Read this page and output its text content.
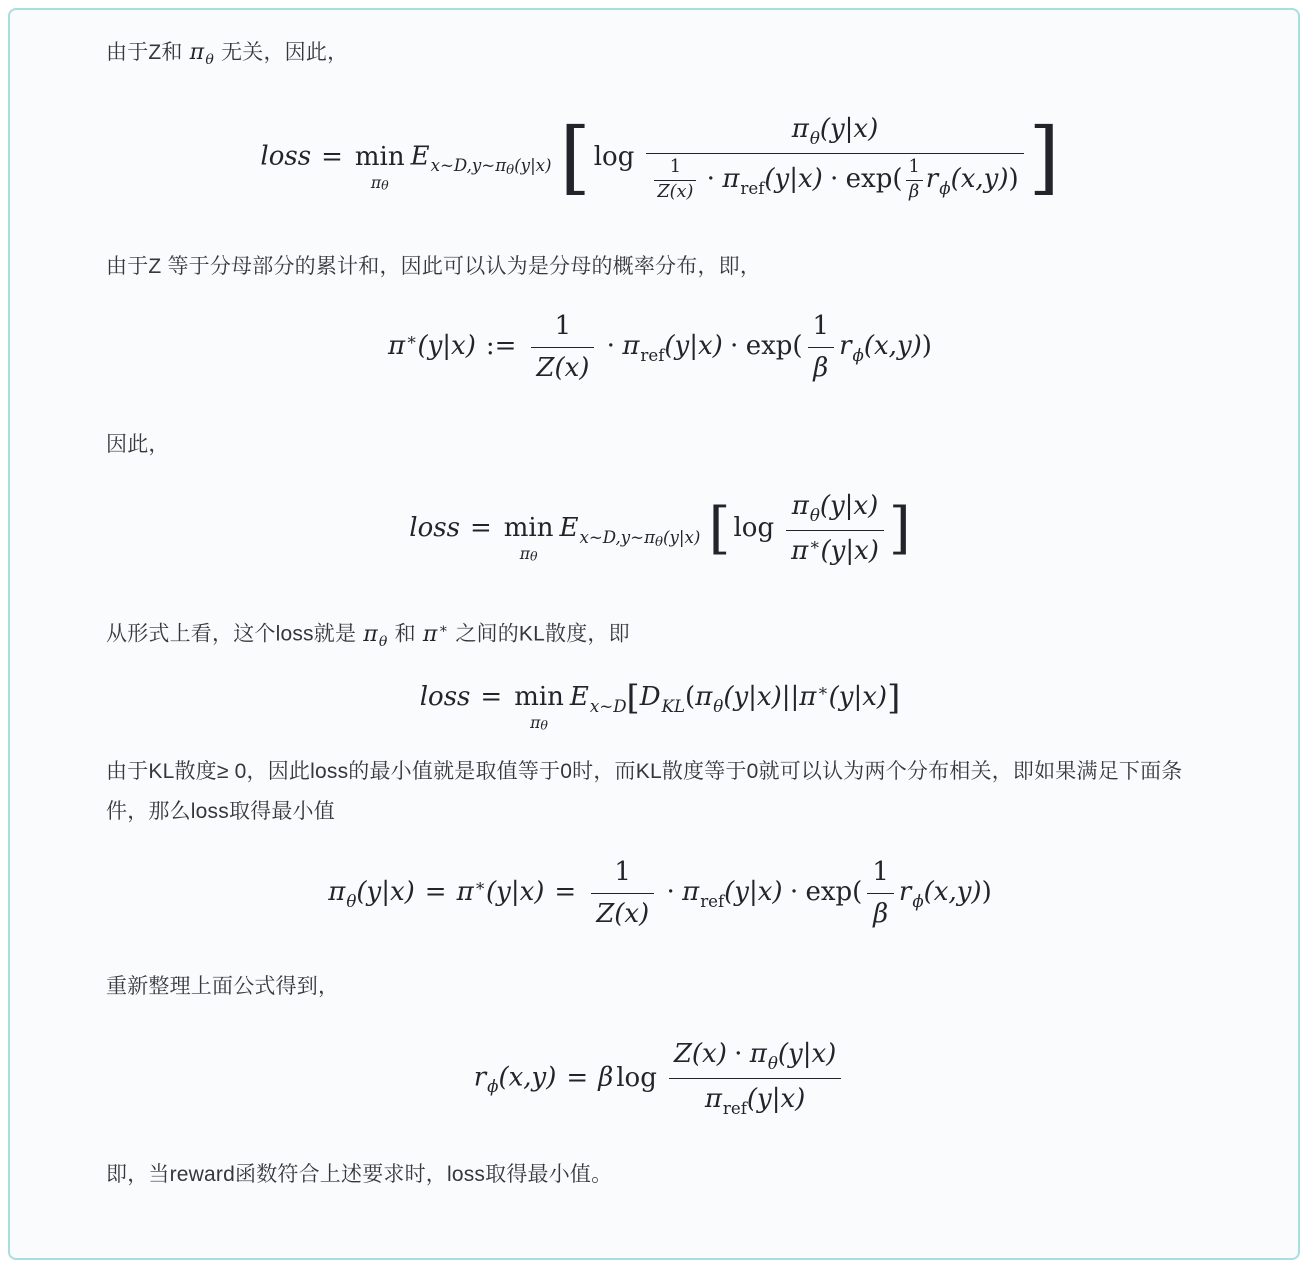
由于Z和 $\pi_\theta$ 无关，因此，

loss = min
πθ
$E_{x\sim D,y\sim\pi\theta(y|x)}$ [ $\log \frac{\pi_\theta(y|x)}{\frac{1}{Z(x)} \cdot \pi_{ref}(y|x) \cdot \exp( \frac{1}{\beta} r_\phi(x,y))}$ ]

由于Z 等于分母部分的累计和，因此可以认为是分母的概率分布，即，

π∗(y|x) := $\frac{1}{Z(x)} \cdot \pi_{ref}(y|x) \cdot \exp( \frac{1}{\beta} r_\phi(x,y))$

因此，

loss = min
πθ
$E_{x\sim D,y\sim\pi\theta(y|x)}$ [ $\log \frac{\pi_\theta(y|x)}{\pi^∗(y|x)}$ ]

从形式上看，这个loss就是 $\pi_\theta$ 和 π∗ 之间的KL散度，即

loss = min
πθ
$E_{x\sim D}[D_{KL}(\pi_\theta(y|x)||\pi^∗(y|x)]$

由于KL散度≥ 0，因此loss的最小值就是取值等于0时，而KL散度等于0就可以认为两个分布相关，即如果满足下面条件，那么loss取得最小值

$\pi_\theta(y|x) = \pi^∗(y|x) = \frac{1}{Z(x)} \cdot \pi_{ref}(y|x) \cdot \exp( \frac{1}{\beta} r_\phi(x,y))$

重新整理上面公式得到，

$r_\phi(x,y) = \beta$ $\log \frac{Z(x) \cdot \pi_\theta(y|x)}{\pi_{ref}(y|x)}$

即，当reward函数符合上述要求时，loss取得最小值。
